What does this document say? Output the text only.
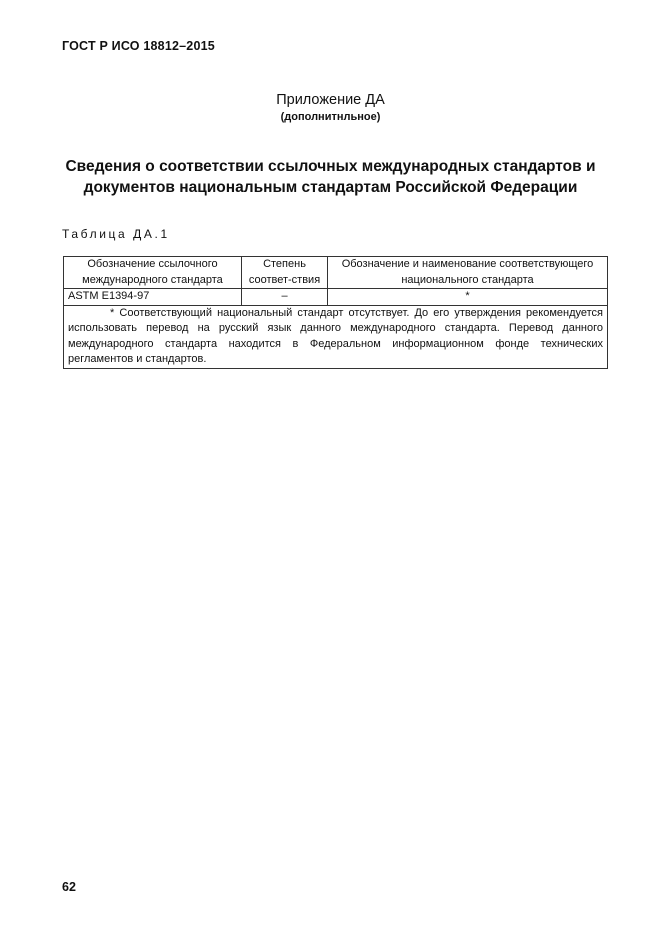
ГОСТ Р ИСО 18812–2015
Приложение ДА
(дополнитнльное)
Сведения о соответствии ссылочных международных стандартов и
документов национальным стандартам Российской Федерации
Таблица ДА.1
Обозначение ссылочного международного стандарта	Степень соответ-ствия	Обозначение и наименование соответствующего национального стандарта
ASTM E1394-97	–	*

* Соответствующий национальный стандарт отсутствует. До его утверждения рекомендуется использовать перевод на русский язык данного международного стандарта. Перевод данного международного стандарта находится в Федеральном информационном фонде технических регламентов и стандартов.		
62
